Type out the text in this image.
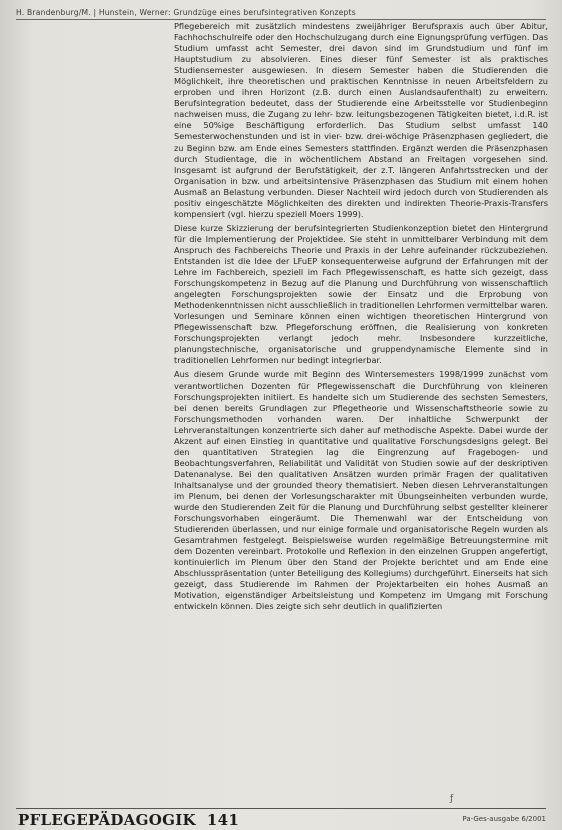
H. Brandenburg/M. | Hunstein, Werner: Grundzüge eines berufsintegrativen Konzepts

Pflegebereich mit zusätzlich mindestens zweijähriger Berufspraxis auch über Abitur, Fachhochschulreife oder den Hochschulzugang durch eine Eignungsprüfung verfügen. Das Studium umfasst acht Semester, drei davon sind im Grundstudium und fünf im Hauptstudium zu absolvieren. Eines dieser fünf Semester ist als praktisches Studiensemester ausgewiesen. In diesem Semester haben die Studierenden die Möglichkeit, ihre theoretischen und praktischen Kenntnisse in neuen Arbeitsfeldern zu erproben und ihren Horizont (z.B. durch einen Auslandsaufenthalt) zu erweitern. Berufsintegration bedeutet, dass der Studierende eine Arbeitsstelle vor Studienbeginn nachweisen muss, die Zugang zu lehr- bzw. leitungsbezogenen Tätigkeiten bietet, i.d.R. ist eine 50%ige Beschäftigung erforderlich. Das Studium selbst umfasst 140 Semesterwochenstunden und ist in vier- bzw. drei-wöchige Präsenzphasen gegliedert, die zu Beginn bzw. am Ende eines Semesters stattfinden. Ergänzt werden die Präsenzphasen durch Studientage, die in wöchentlichem Abstand an Freitagen vorgesehen sind. Insgesamt ist aufgrund der Berufstätigkeit, der z.T. längeren Anfahrtsstrecken und der Organisation in bzw. und arbeitsintensive Präsenzphasen das Studium mit einem hohen Ausmaß an Belastung verbunden. Dieser Nachteil wird jedoch durch von Studierenden als positiv eingeschätzte Möglichkeiten des direkten und indirekten Theorie-Praxis-Transfers kompensiert (vgl. hierzu speziell Moers 1999).

Diese kurze Skizzierung der berufsintegrierten Studienkonzeption bietet den Hintergrund für die Implementierung der Projektidee. Sie steht in unmittelbarer Verbindung mit dem Anspruch des Fachbereichs Theorie und Praxis in der Lehre aufeinander rückzubeziehen. Entstanden ist die Idee der LFuEP konsequenterweise aufgrund der Erfahrungen mit der Lehre im Fachbereich, speziell im Fach Pflegewissenschaft, es hatte sich gezeigt, dass Forschungskompetenz in Bezug auf die Planung und Durchführung von wissenschaftlich angelegten Forschungsprojekten sowie der Einsatz und die Erprobung von Methodenkenntnissen nicht ausschließlich in traditionellen Lehrformen vermittelbar waren. Vorlesungen und Seminare können einen wichtigen theoretischen Hintergrund von Pflegewissenschaft bzw. Pflegeforschung eröffnen, die Realisierung von konkreten Forschungsprojekten verlangt jedoch mehr. Insbesondere kurzzeitliche, planungstechnische, organisatorische und gruppendynamische Elemente sind in traditionellen Lehrformen nur bedingt integrierbar.

Aus diesem Grunde wurde mit Beginn des Wintersemesters 1998/1999 zunächst vom verantwortlichen Dozenten für Pflegewissenschaft die Durchführung von kleineren Forschungsprojekten initiiert. Es handelte sich um Studierende des sechsten Semesters, bei denen bereits Grundlagen zur Pflegetheorie und Wissenschaftstheorie sowie zu Forschungsmethoden vorhanden waren. Der inhaltliche Schwerpunkt der Lehrveranstaltungen konzentrierte sich daher auf methodische Aspekte. Dabei wurde der Akzent auf einen Einstieg in quantitative und qualitative Forschungsdesigns gelegt. Bei den quantitativen Strategien lag die Eingrenzung auf Fragebogen- und Beobachtungsverfahren, Reliabilität und Validität von Studien sowie auf der deskriptiven Datenanalyse. Bei den qualitativen Ansätzen wurden primär Fragen der qualitativen Inhaltsanalyse und der grounded theory thematisiert. Neben diesen Lehrveranstaltungen im Plenum, bei denen der Vorlesungscharakter mit Übungseinheiten verbunden wurde, wurde den Studierenden Zeit für die Planung und Durchführung selbst gestellter kleinerer Forschungsvorhaben eingeräumt. Die Themenwahl war der Entscheidung von Studierenden überlassen, und nur einige formale und organisatorische Regeln wurden als Gesamtrahmen festgelegt. Beispielsweise wurden regelmäßige Betreuungstermine mit dem Dozenten vereinbart. Protokolle und Reflexion in den einzelnen Gruppen angefertigt, kontinuierlich im Plenum über den Stand der Projekte berichtet und am Ende eine Abschlusspräsentation (unter Beteiligung des Kollegiums) durchgeführt. Einerseits hat sich gezeigt, dass Studierende im Rahmen der Projektarbeiten ein hohes Ausmaß an Motivation, eigenständiger Arbeitsleistung und Kompetenz im Umgang mit Forschung entwickeln können. Dies zeigte sich sehr deutlich in qualifizierten

ƒ
PFLEGEPÄDAGOGIK 141	Pa-Ges-ausgabe 6/2001
